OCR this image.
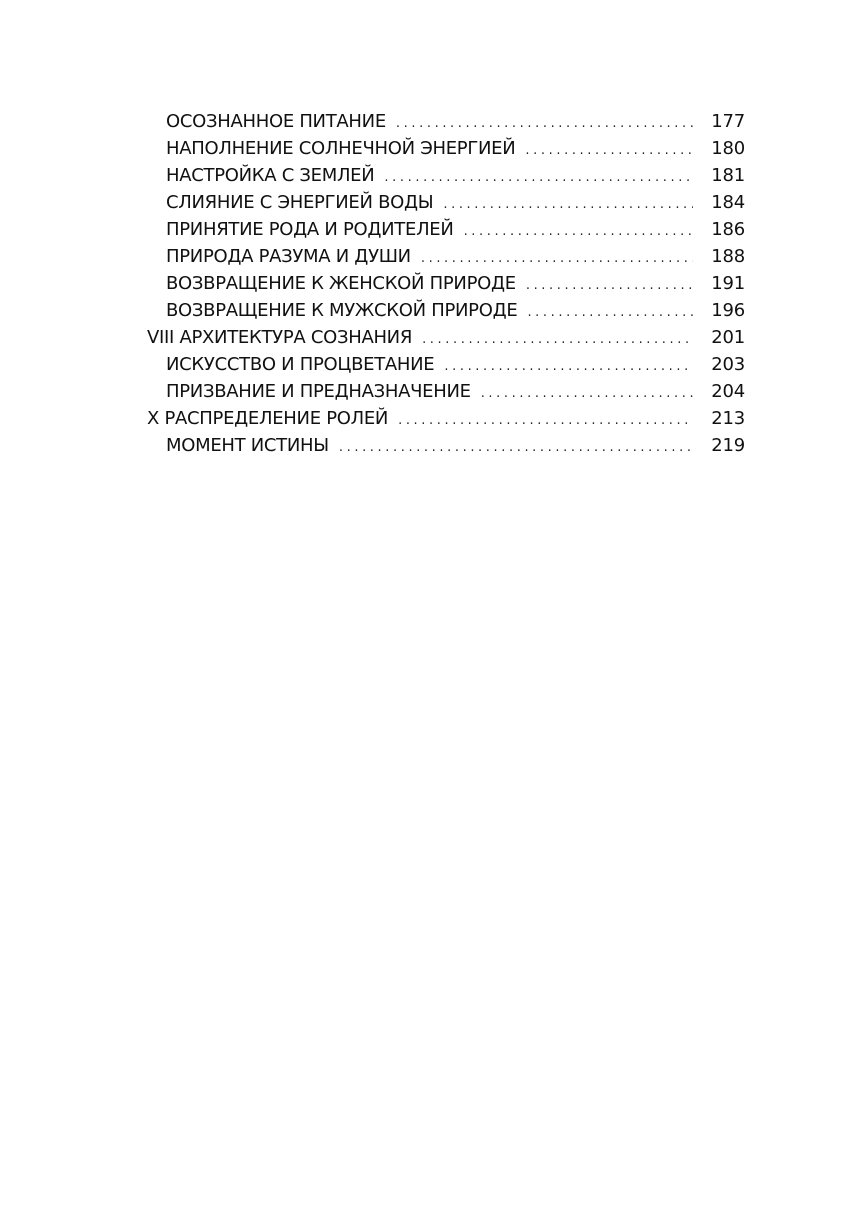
ОСОЗНАННОЕ ПИТАНИЕ .....	177
НАПОЛНЕНИЕ СОЛНЕЧНОЙ ЭНЕРГИЕЙ .....	180
НАСТРОЙКА С ЗЕМЛЕЙ .....	181
СЛИЯНИЕ С ЭНЕРГИЕЙ ВОДЫ .....	184
ПРИНЯТИЕ РОДА И РОДИТЕЛЕЙ .....	186
ПРИРОДА РАЗУМА И ДУШИ .....	188
ВОЗВРАЩЕНИЕ К ЖЕНСКОЙ ПРИРОДЕ .....	191
ВОЗВРАЩЕНИЕ К МУЖСКОЙ ПРИРОДЕ .....	196
VIII АРХИТЕКТУРА СОЗНАНИЯ .....	201
ИСКУССТВО И ПРОЦВЕТАНИЕ .....	203
ПРИЗВАНИЕ И ПРЕДНАЗНАЧЕНИЕ .....	204
X РАСПРЕДЕЛЕНИЕ РОЛЕЙ .....	213
МОМЕНТ ИСТИНЫ .....	219
